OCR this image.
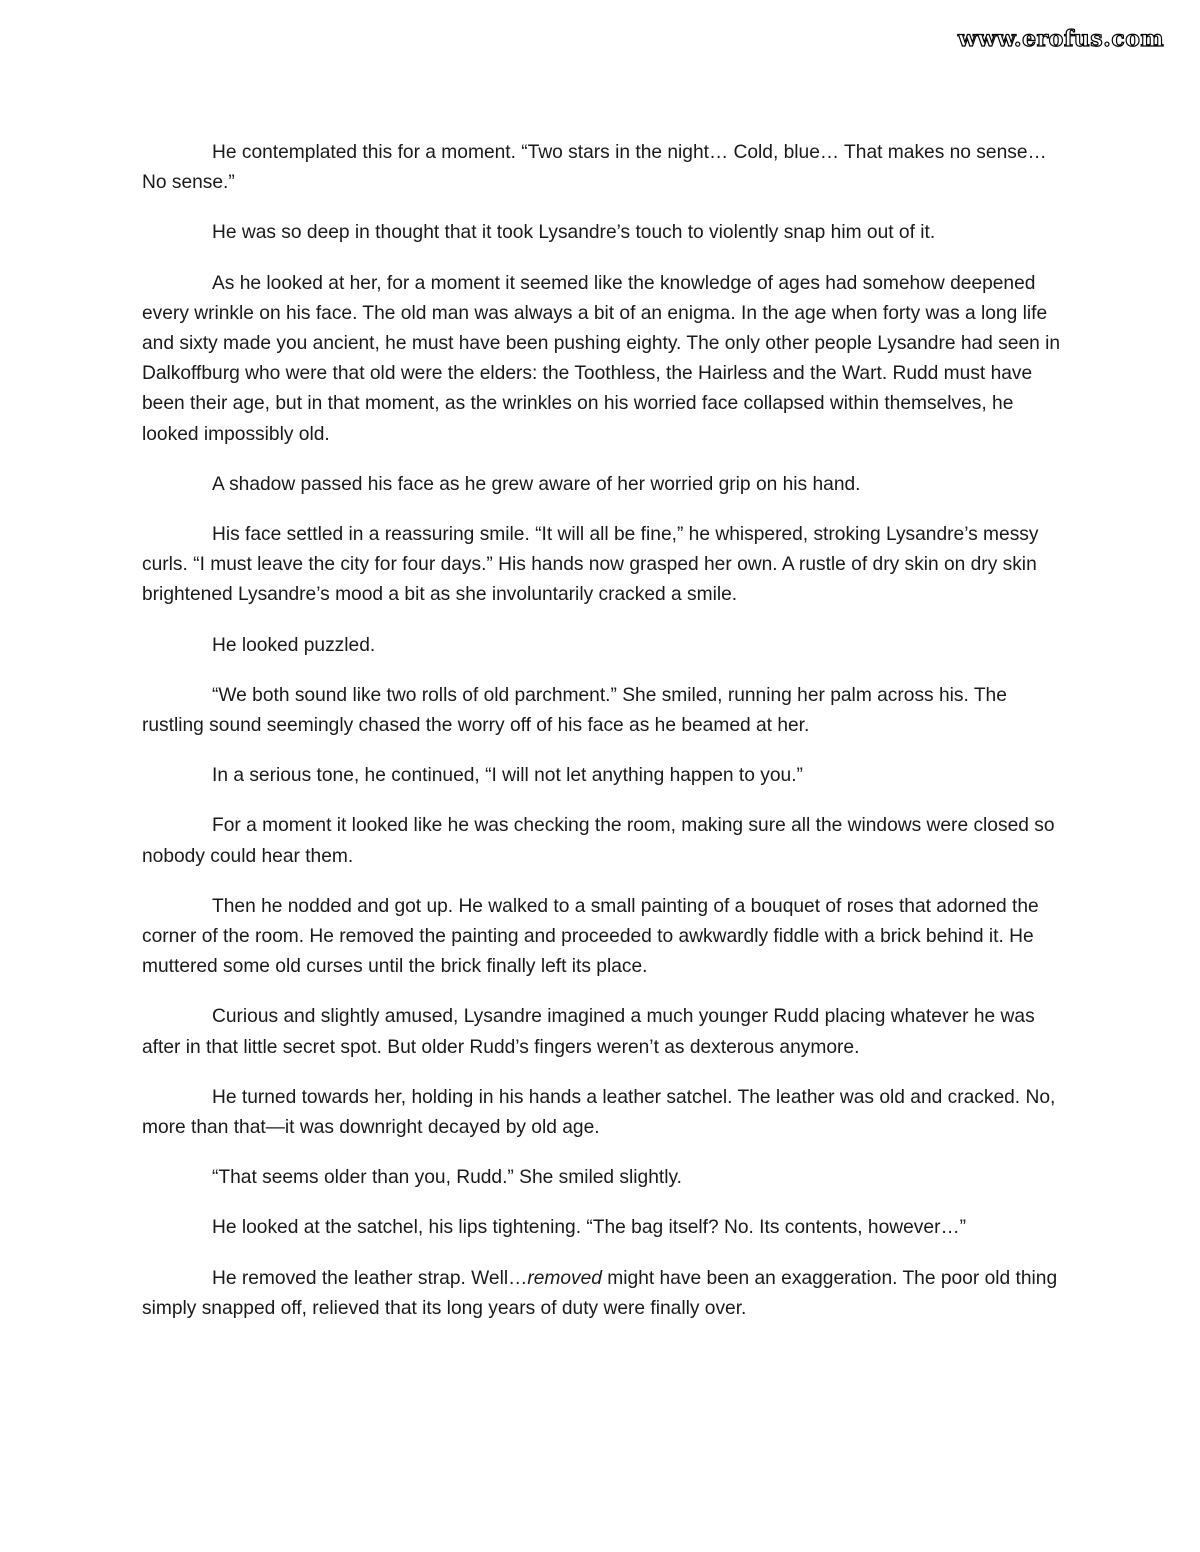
www.erofus.com

He contemplated this for a moment. “Two stars in the night… Cold, blue… That makes no sense… No sense.”

He was so deep in thought that it took Lysandre’s touch to violently snap him out of it.

As he looked at her, for a moment it seemed like the knowledge of ages had somehow deepened every wrinkle on his face. The old man was always a bit of an enigma. In the age when forty was a long life and sixty made you ancient, he must have been pushing eighty. The only other people Lysandre had seen in Dalkoffburg who were that old were the elders: the Toothless, the Hairless and the Wart. Rudd must have been their age, but in that moment, as the wrinkles on his worried face collapsed within themselves, he looked impossibly old.

A shadow passed his face as he grew aware of her worried grip on his hand.

His face settled in a reassuring smile. “It will all be fine,” he whispered, stroking Lysandre’s messy curls. “I must leave the city for four days.” His hands now grasped her own. A rustle of dry skin on dry skin brightened Lysandre’s mood a bit as she involuntarily cracked a smile.

He looked puzzled.

“We both sound like two rolls of old parchment.” She smiled, running her palm across his. The rustling sound seemingly chased the worry off of his face as he beamed at her.

In a serious tone, he continued, “I will not let anything happen to you.”

For a moment it looked like he was checking the room, making sure all the windows were closed so nobody could hear them.

Then he nodded and got up. He walked to a small painting of a bouquet of roses that adorned the corner of the room. He removed the painting and proceeded to awkwardly fiddle with a brick behind it. He muttered some old curses until the brick finally left its place.

Curious and slightly amused, Lysandre imagined a much younger Rudd placing whatever he was after in that little secret spot. But older Rudd’s fingers weren’t as dexterous anymore.

He turned towards her, holding in his hands a leather satchel. The leather was old and cracked. No, more than that—it was downright decayed by old age.

“That seems older than you, Rudd.” She smiled slightly.

He looked at the satchel, his lips tightening. “The bag itself? No. Its contents, however…”

He removed the leather strap. Well…removed might have been an exaggeration. The poor old thing simply snapped off, relieved that its long years of duty were finally over.
